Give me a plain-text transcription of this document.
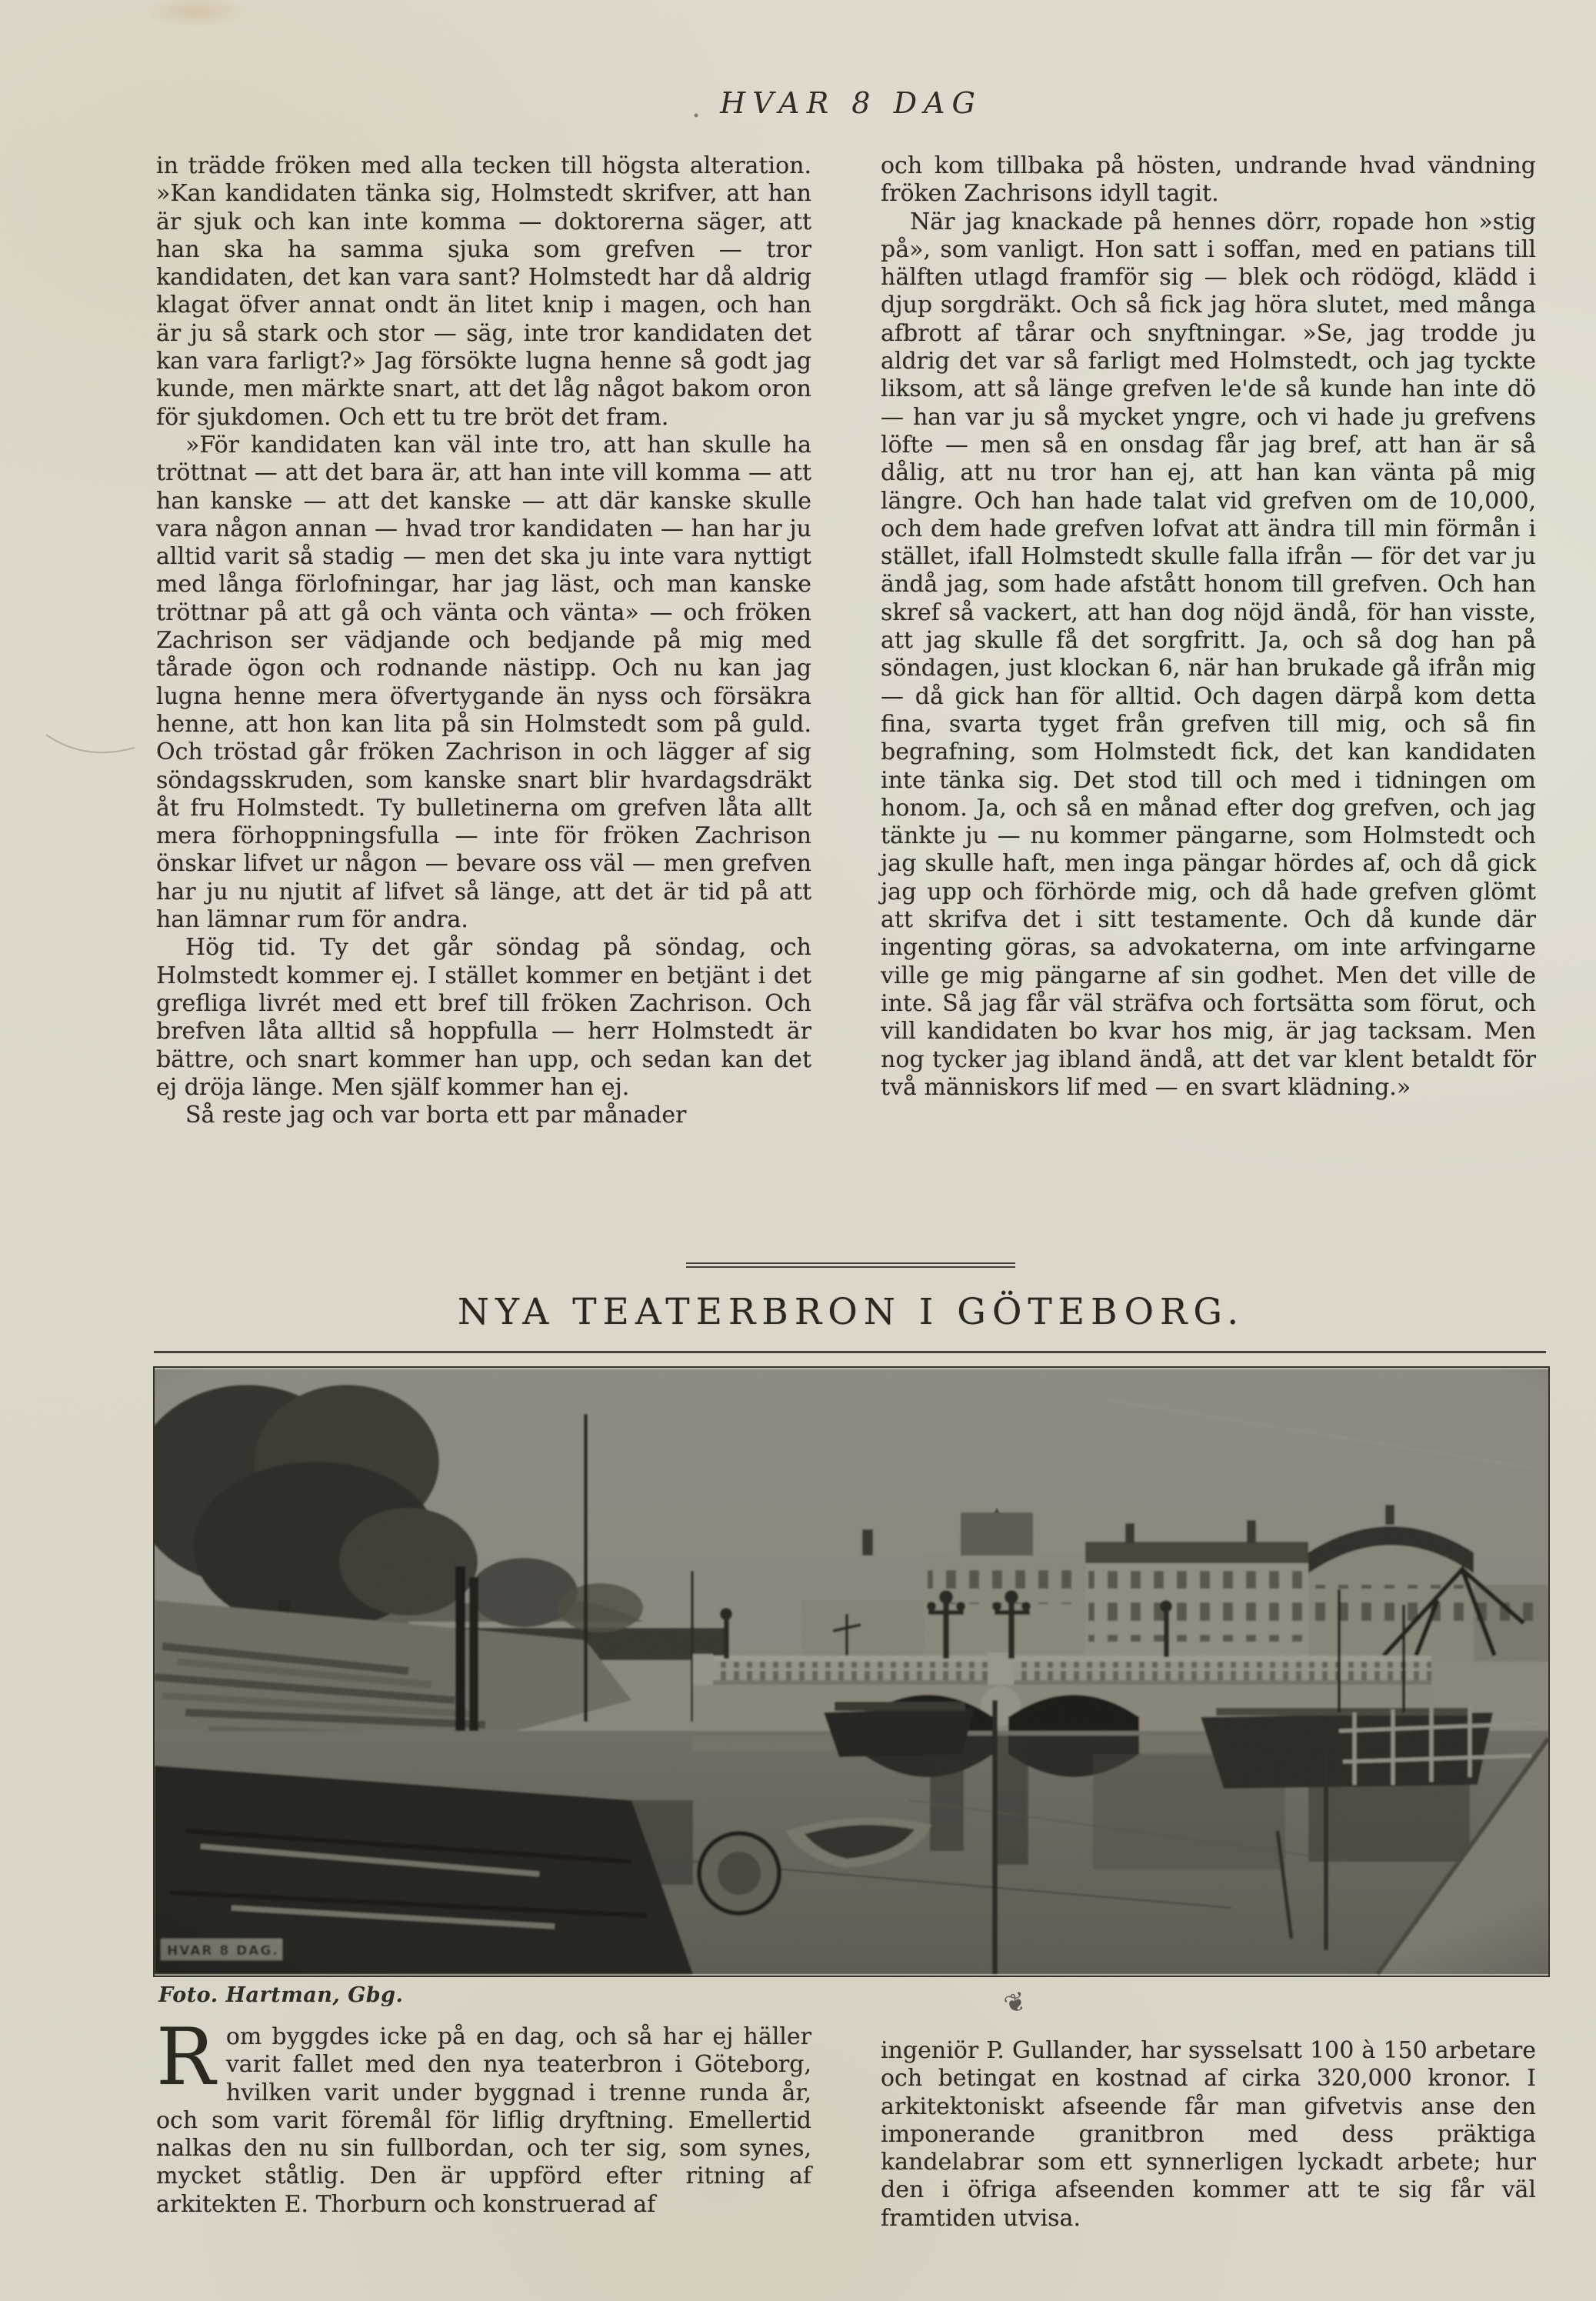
HVAR 8 DAG

in trädde fröken med alla tecken till högsta alteration. »Kan kandidaten tänka sig, Holmstedt skrifver, att han är sjuk och kan inte komma — doktorerna säger, att han ska ha samma sjuka som grefven — tror kandidaten, det kan vara sant? Holmstedt har då aldrig klagat öfver annat ondt än litet knip i magen, och han är ju så stark och stor — säg, inte tror kandidaten det kan vara farligt?» Jag försökte lugna henne så godt jag kunde, men märkte snart, att det låg något bakom oron för sjukdomen. Och ett tu tre bröt det fram.

»För kandidaten kan väl inte tro, att han skulle ha tröttnat — att det bara är, att han inte vill komma — att han kanske — att det kanske — att där kanske skulle vara någon annan — hvad tror kandidaten — han har ju alltid varit så stadig — men det ska ju inte vara nyttigt med långa förlofningar, har jag läst, och man kanske tröttnar på att gå och vänta och vänta» — och fröken Zachrison ser vädjande och bedjande på mig med tårade ögon och rodnande nästipp. Och nu kan jag lugna henne mera öfvertygande än nyss och försäkra henne, att hon kan lita på sin Holmstedt som på guld. Och tröstad går fröken Zachrison in och lägger af sig söndagsskruden, som kanske snart blir hvardagsdräkt åt fru Holmstedt. Ty bulletinerna om grefven låta allt mera förhoppningsfulla — inte för fröken Zachrison önskar lifvet ur någon — bevare oss väl — men grefven har ju nu njutit af lifvet så länge, att det är tid på att han lämnar rum för andra.

Hög tid. Ty det går söndag på söndag, och Holmstedt kommer ej. I stället kommer en betjänt i det grefliga livrét med ett bref till fröken Zachrison. Och brefven låta alltid så hoppfulla — herr Holmstedt är bättre, och snart kommer han upp, och sedan kan det ej dröja länge. Men själf kommer han ej.

Så reste jag och var borta ett par månader

och kom tillbaka på hösten, undrande hvad vändning fröken Zachrisons idyll tagit.

När jag knackade på hennes dörr, ropade hon »stig på», som vanligt. Hon satt i soffan, med en patians till hälften utlagd framför sig — blek och rödögd, klädd i djup sorgdräkt. Och så fick jag höra slutet, med många afbrott af tårar och snyftningar. »Se, jag trodde ju aldrig det var så farligt med Holmstedt, och jag tyckte liksom, att så länge grefven le'de så kunde han inte dö — han var ju så mycket yngre, och vi hade ju grefvens löfte — men så en onsdag får jag bref, att han är så dålig, att nu tror han ej, att han kan vänta på mig längre. Och han hade talat vid grefven om de 10,000, och dem hade grefven lofvat att ändra till min förmån i stället, ifall Holmstedt skulle falla ifrån — för det var ju ändå jag, som hade afstått honom till grefven. Och han skref så vackert, att han dog nöjd ändå, för han visste, att jag skulle få det sorgfritt. Ja, och så dog han på söndagen, just klockan 6, när han brukade gå ifrån mig — då gick han för alltid. Och dagen därpå kom detta fina, svarta tyget från grefven till mig, och så fin begrafning, som Holmstedt fick, det kan kandidaten inte tänka sig. Det stod till och med i tidningen om honom. Ja, och så en månad efter dog grefven, och jag tänkte ju — nu kommer pängarne, som Holmstedt och jag skulle haft, men inga pängar hördes af, och då gick jag upp och förhörde mig, och då hade grefven glömt att skrifva det i sitt testamente. Och då kunde där ingenting göras, sa advokaterna, om inte arfvingarne ville ge mig pängarne af sin godhet. Men det ville de inte. Så jag får väl sträfva och fortsätta som förut, och vill kandidaten bo kvar hos mig, är jag tacksam. Men nog tycker jag ibland ändå, att det var klent betaldt för två människors lif med — en svart klädning.»

NYA TEATERBRON I GÖTEBORG.
Foto. Hartman, Gbg.	❦

Rom byggdes icke på en dag, och så har ej häller varit fallet med den nya teaterbron i Göteborg, hvilken varit under byggnad i trenne runda år, och som varit föremål för liflig dryftning. Emellertid nalkas den nu sin fullbordan, och ter sig, som synes, mycket ståtlig. Den är uppförd efter ritning af arkitekten E. Thorburn och konstruerad af

ingeniör P. Gullander, har sysselsatt 100 à 150 arbetare och betingat en kostnad af cirka 320,000 kronor. I arkitektoniskt afseende får man gifvetvis anse den imponerande granitbron med dess präktiga kandelabrar som ett synnerligen lyckadt arbete; hur den i öfriga afseenden kommer att te sig får väl framtiden utvisa.
